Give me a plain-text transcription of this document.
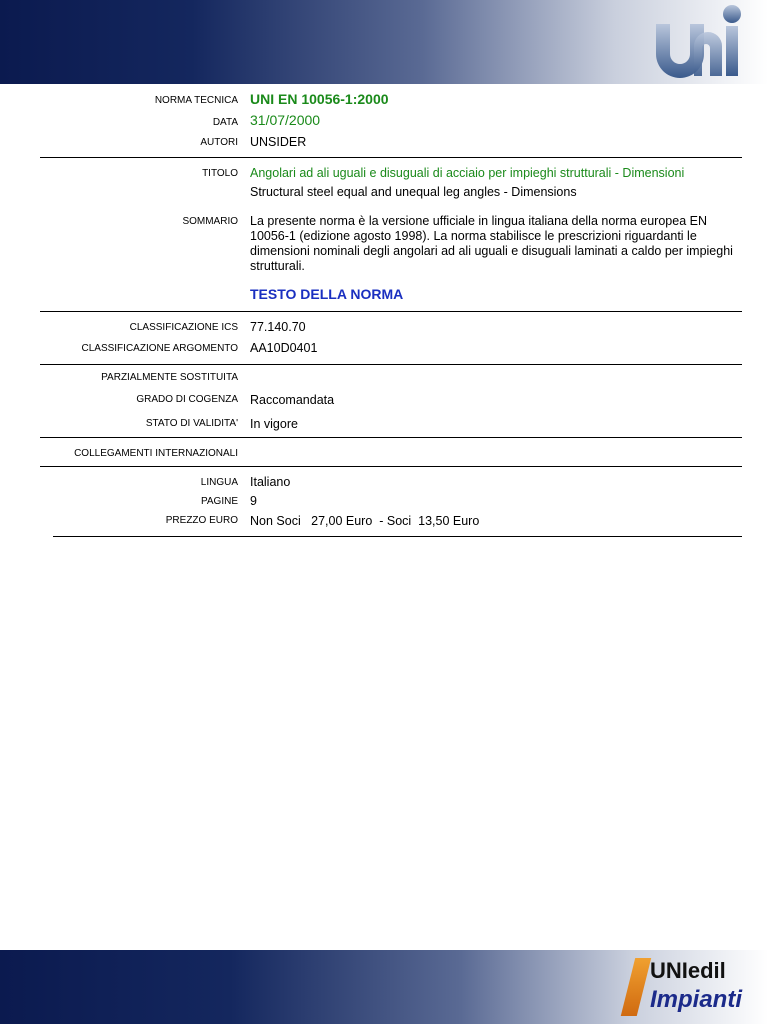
NORMA TECNICA UNI EN 10056-1:2000
DATA 31/07/2000
AUTORI UNSIDER
TITOLO Angolari ad ali uguali e disuguali di acciaio per impieghi strutturali - Dimensioni
Structural steel equal and unequal leg angles - Dimensions
SOMMARIO La presente norma è la versione ufficiale in lingua italiana della norma europea EN 10056-1 (edizione agosto 1998). La norma stabilisce le prescrizioni riguardanti le dimensioni nominali degli angolari ad ali uguali e disuguali laminati a caldo per impieghi strutturali.
TESTO DELLA NORMA
CLASSIFICAZIONE ICS 77.140.70
CLASSIFICAZIONE ARGOMENTO AA10D0401
PARZIALMENTE SOSTITUITA
GRADO DI COGENZA Raccomandata
STATO DI VALIDITA' In vigore
COLLEGAMENTI INTERNAZIONALI
LINGUA Italiano
PAGINE 9
PREZZO EURO Non Soci   27,00 Euro  - Soci  13,50 Euro
UNIedil
Impianti
